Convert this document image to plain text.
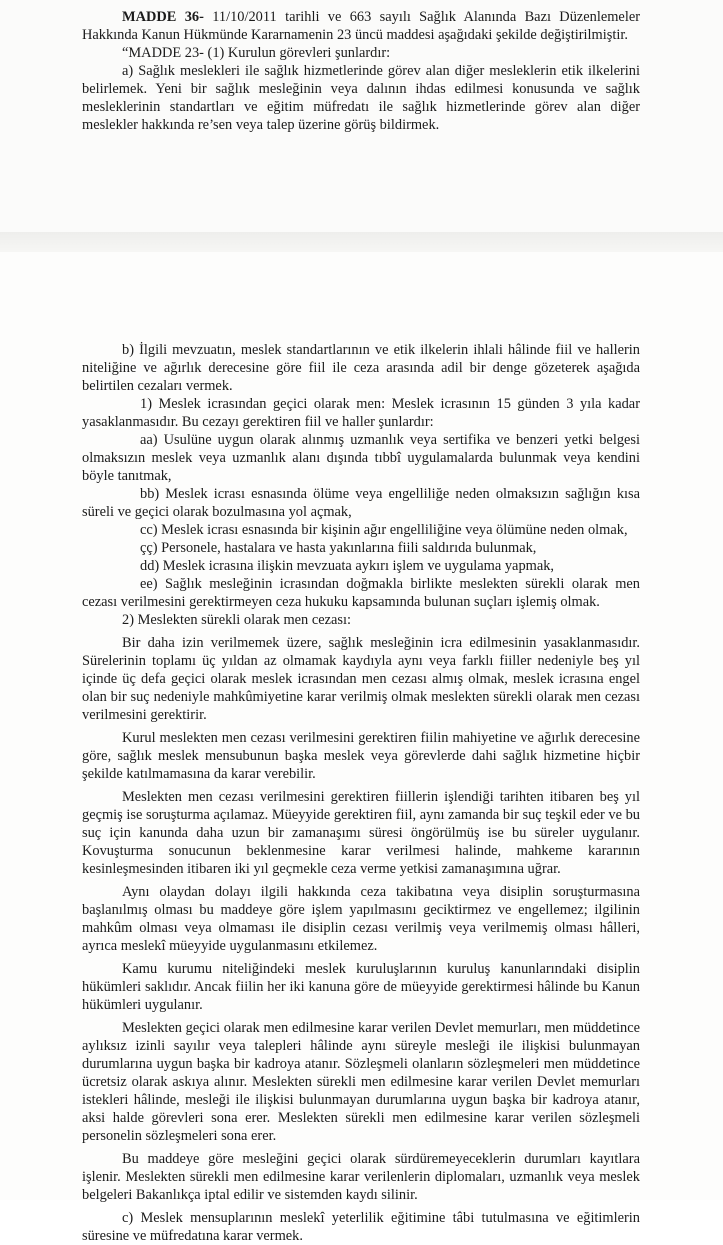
MADDE 36- 11/10/2011 tarihli ve 663 sayılı Sağlık Alanında Bazı Düzenlemeler Hakkında Kanun Hükmünde Kararnamenin 23 üncü maddesi aşağıdaki şekilde değiştirilmiştir.

“MADDE 23- (1) Kurulun görevleri şunlardır:

a) Sağlık meslekleri ile sağlık hizmetlerinde görev alan diğer mesleklerin etik ilkelerini belirlemek. Yeni bir sağlık mesleğinin veya dalının ihdas edilmesi konusunda ve sağlık mesleklerinin standartları ve eğitim müfredatı ile sağlık hizmetlerinde görev alan diğer meslekler hakkında re’sen veya talep üzerine görüş bildirmek.

b) İlgili mevzuatın, meslek standartlarının ve etik ilkelerin ihlali hâlinde fiil ve hallerin niteliğine ve ağırlık derecesine göre fiil ile ceza arasında adil bir denge gözeterek aşağıda belirtilen cezaları vermek.

1) Meslek icrasından geçici olarak men: Meslek icrasının 15 günden 3 yıla kadar yasaklanmasıdır. Bu cezayı gerektiren fiil ve haller şunlardır:

aa) Usulüne uygun olarak alınmış uzmanlık veya sertifika ve benzeri yetki belgesi olmaksızın meslek veya uzmanlık alanı dışında tıbbî uygulamalarda bulunmak veya kendini böyle tanıtmak,

bb) Meslek icrası esnasında ölüme veya engelliliğe neden olmaksızın sağlığın kısa süreli ve geçici olarak bozulmasına yol açmak,

cc) Meslek icrası esnasında bir kişinin ağır engelliliğine veya ölümüne neden olmak,

çç) Personele, hastalara ve hasta yakınlarına fiili saldırıda bulunmak,

dd) Meslek icrasına ilişkin mevzuata aykırı işlem ve uygulama yapmak,

ee) Sağlık mesleğinin icrasından doğmakla birlikte meslekten sürekli olarak men cezası verilmesini gerektirmeyen ceza hukuku kapsamında bulunan suçları işlemiş olmak.

2) Meslekten sürekli olarak men cezası:

Bir daha izin verilmemek üzere, sağlık mesleğinin icra edilmesinin yasaklanmasıdır. Sürelerinin toplamı üç yıldan az olmamak kaydıyla aynı veya farklı fiiller nedeniyle beş yıl içinde üç defa geçici olarak meslek icrasından men cezası almış olmak, meslek icrasına engel olan bir suç nedeniyle mahkûmiyetine karar verilmiş olmak meslekten sürekli olarak men cezası verilmesini gerektirir.

Kurul meslekten men cezası verilmesini gerektiren fiilin mahiyetine ve ağırlık derecesine göre, sağlık meslek mensubunun başka meslek veya görevlerde dahi sağlık hizmetine hiçbir şekilde katılmamasına da karar verebilir.

Meslekten men cezası verilmesini gerektiren fiillerin işlendiği tarihten itibaren beş yıl geçmiş ise soruşturma açılamaz. Müeyyide gerektiren fiil, aynı zamanda bir suç teşkil eder ve bu suç için kanunda daha uzun bir zamanaşımı süresi öngörülmüş ise bu süreler uygulanır. Kovuşturma sonucunun beklenmesine karar verilmesi halinde, mahkeme kararının kesinleşmesinden itibaren iki yıl geçmekle ceza verme yetkisi zamanaşımına uğrar.

Aynı olaydan dolayı ilgili hakkında ceza takibatına veya disiplin soruşturmasına başlanılmış olması bu maddeye göre işlem yapılmasını geciktirmez ve engellemez; ilgilinin mahkûm olması veya olmaması ile disiplin cezası verilmiş veya verilmemiş olması hâlleri, ayrıca meslekî müeyyide uygulanmasını etkilemez.

Kamu kurumu niteliğindeki meslek kuruluşlarının kuruluş kanunlarındaki disiplin hükümleri saklıdır. Ancak fiilin her iki kanuna göre de müeyyide gerektirmesi hâlinde bu Kanun hükümleri uygulanır.

Meslekten geçici olarak men edilmesine karar verilen Devlet memurları, men müddetince aylıksız izinli sayılır veya talepleri hâlinde aynı süreyle mesleği ile ilişkisi bulunmayan durumlarına uygun başka bir kadroya atanır. Sözleşmeli olanların sözleşmeleri men müddetince ücretsiz olarak askıya alınır. Meslekten sürekli men edilmesine karar verilen Devlet memurları istekleri hâlinde, mesleği ile ilişkisi bulunmayan durumlarına uygun başka bir kadroya atanır, aksi halde görevleri sona erer. Meslekten sürekli men edilmesine karar verilen sözleşmeli personelin sözleşmeleri sona erer.

Bu maddeye göre mesleğini geçici olarak sürdüremeyeceklerin durumları kayıtlara işlenir. Meslekten sürekli men edilmesine karar verilenlerin diplomaları, uzmanlık veya meslek belgeleri Bakanlıkça iptal edilir ve sistemden kaydı silinir.

c) Meslek mensuplarının meslekî yeterlilik eğitimine tâbi tutulmasına ve eğitimlerin süresine ve müfredatına karar vermek.
